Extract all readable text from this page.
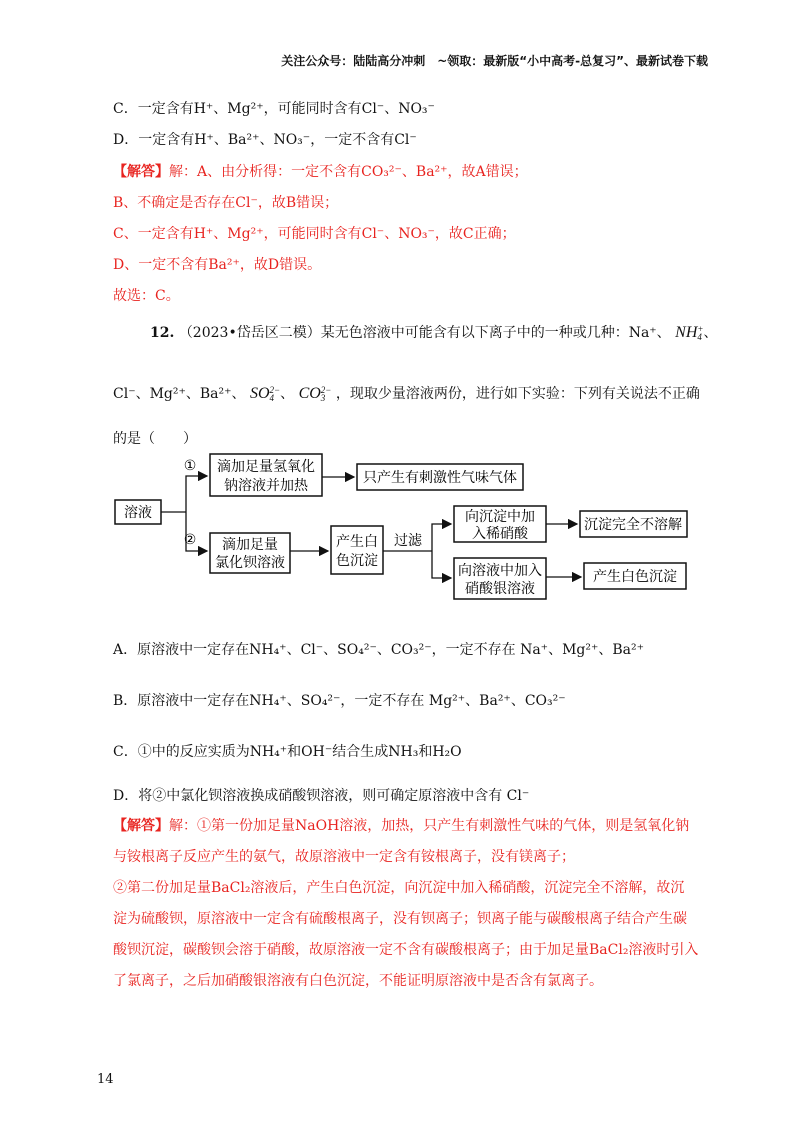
关注公众号：陆陆高分冲刺　~领取：最新版“小中高考-总复习”、最新试卷下载
C．一定含有H⁺、Mg²⁺，可能同时含有Cl⁻、NO₃⁻
D．一定含有H⁺、Ba²⁺、NO₃⁻，一定不含有Cl⁻
【解答】解：A、由分析得：一定不含有CO₃²⁻、Ba²⁺，故A错误；
B、不确定是否存在Cl⁻，故B错误；
C、一定含有H⁺、Mg²⁺，可能同时含有Cl⁻、NO₃⁻，故C正确；
D、一定不含有Ba²⁺，故D错误。
故选：C。
12. （2023•岱岳区二模）某无色溶液中可能含有以下离子中的一种或几种：Na⁺、 NH +
4 、
Cl⁻、Mg²⁺、Ba²⁺、 SO 2−
4 、 CO 2−
3 ，现取少量溶液两份，进行如下实验：下列有关说法不正确
的是（　　）
溶液
①
②
滴加足量氢氧化
钠溶液并加热	只产生有刺激性气味气体
滴加足量
氯化钡溶液
产生白
色沉淀
过滤
向沉淀中加
入稀硝酸
沉淀完全不溶解
向溶液中加入
硝酸银溶液
产生白色沉淀
A．原溶液中一定存在NH₄⁺、Cl⁻、SO₄²⁻、CO₃²⁻，一定不存在 Na⁺、Mg²⁺、Ba²⁺
B．原溶液中一定存在NH₄⁺、SO₄²⁻，一定不存在 Mg²⁺、Ba²⁺、CO₃²⁻
C．①中的反应实质为NH₄⁺和OH⁻结合生成NH₃和H₂O
D．将②中氯化钡溶液换成硝酸钡溶液，则可确定原溶液中含有 Cl⁻
【解答】解：①第一份加足量NaOH溶液，加热，只产生有刺激性气味的气体，则是氢氧化钠
与铵根离子反应产生的氨气，故原溶液中一定含有铵根离子，没有镁离子；
②第二份加足量BaCl₂溶液后，产生白色沉淀，向沉淀中加入稀硝酸，沉淀完全不溶解，故沉
淀为硫酸钡，原溶液中一定含有硫酸根离子，没有钡离子；钡离子能与碳酸根离子结合产生碳
酸钡沉淀，碳酸钡会溶于硝酸，故原溶液一定不含有碳酸根离子；由于加足量BaCl₂溶液时引入
了氯离子，之后加硝酸银溶液有白色沉淀，不能证明原溶液中是否含有氯离子。
14
